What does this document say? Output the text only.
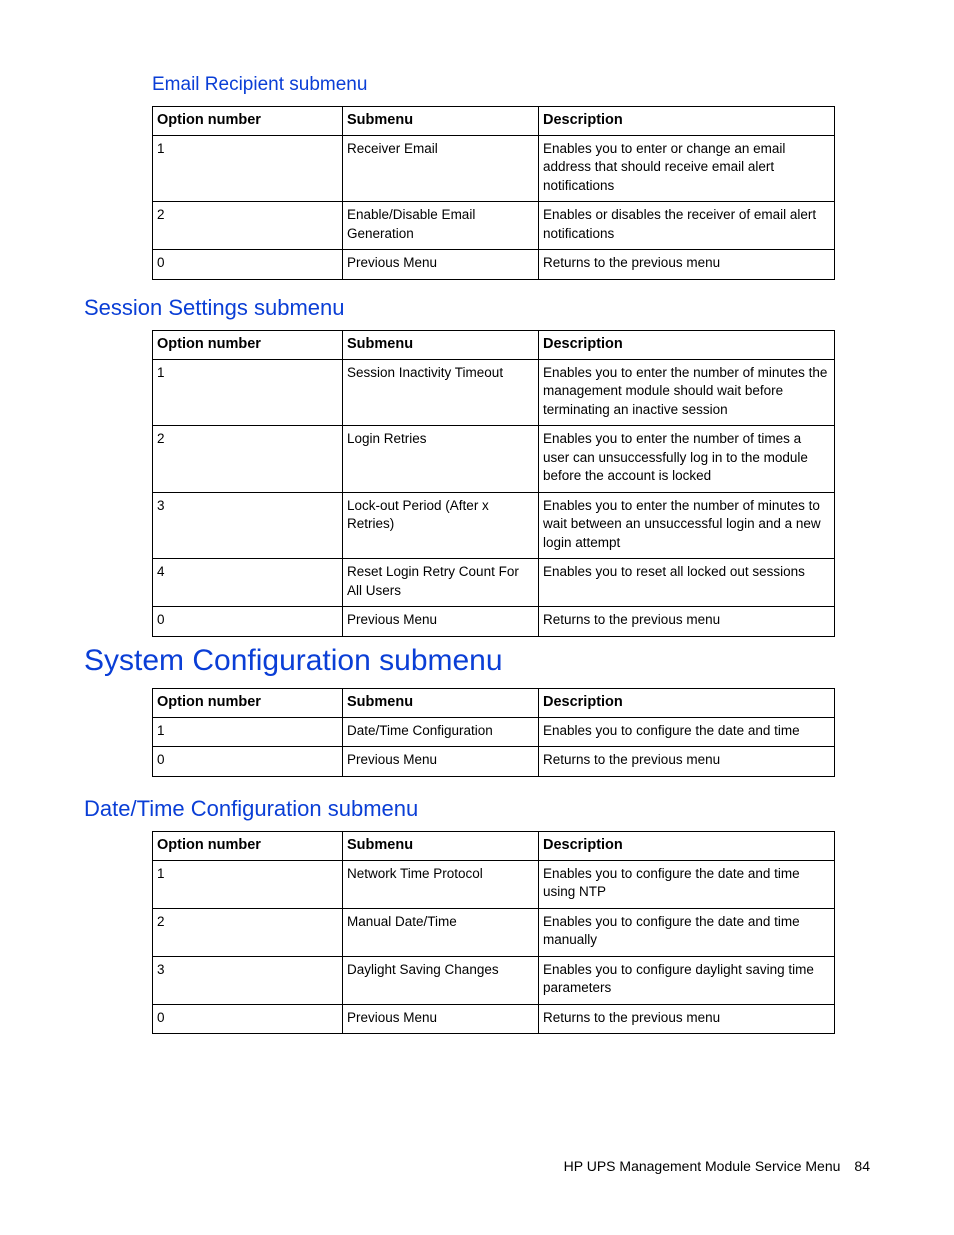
Email Recipient submenu
Option number	Submenu	Description
1	Receiver Email	Enables you to enter or change an email address that should receive email alert notifications
2	Enable/Disable Email Generation	Enables or disables the receiver of email alert notifications
0	Previous Menu	Returns to the previous menu
Session Settings submenu
Option number	Submenu	Description
1	Session Inactivity Timeout	Enables you to enter the number of minutes the management module should wait before terminating an inactive session
2	Login Retries	Enables you to enter the number of times a user can unsuccessfully log in to the module before the account is locked
3	Lock-out Period (After x Retries)	Enables you to enter the number of minutes to wait between an unsuccessful login and a new login attempt
4	Reset Login Retry Count For All Users	Enables you to reset all locked out sessions
0	Previous Menu	Returns to the previous menu
System Configuration submenu
Option number	Submenu	Description
1	Date/Time Configuration	Enables you to configure the date and time
0	Previous Menu	Returns to the previous menu
Date/Time Configuration submenu
Option number	Submenu	Description
1	Network Time Protocol	Enables you to configure the date and time using NTP
2	Manual Date/Time	Enables you to configure the date and time manually
3	Daylight Saving Changes	Enables you to configure daylight saving time parameters
0	Previous Menu	Returns to the previous menu
HP UPS Management Module Service Menu 84
